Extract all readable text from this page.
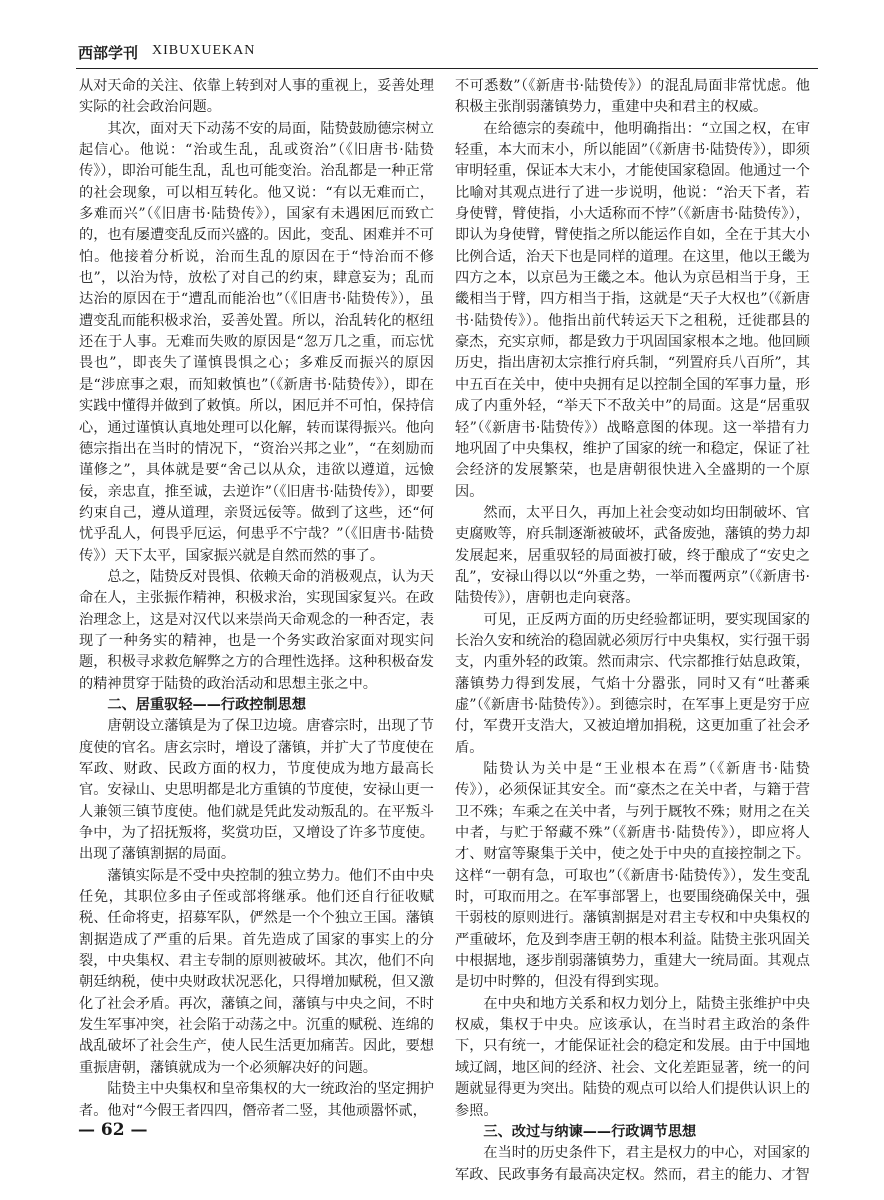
西部学刊 XIBUXUEKAN

从对天命的关注、依靠上转到对人事的重视上，妥善处理实际的社会政治问题。

其次，面对天下动荡不安的局面，陆贽鼓励德宗树立起信心。他说：“治或生乱，乱或资治”（《旧唐书·陆贽传》），即治可能生乱，乱也可能变治。治乱都是一种正常的社会现象，可以相互转化。他又说：“有以无难而亡，多难而兴”（《旧唐书·陆贽传》），国家有未遇困厄而致亡的，也有屡遭变乱反而兴盛的。因此，变乱、困难并不可怕。他接着分析说，治而生乱的原因在于“恃治而不修也”，以治为恃，放松了对自己的约束，肆意妄为；乱而达治的原因在于“遭乱而能治也”（《旧唐书·陆贽传》），虽遭变乱而能积极求治，妥善处置。所以，治乱转化的枢纽还在于人事。无难而失败的原因是“忽万几之重，而忘忧畏也”，即丧失了谨慎畏惧之心；多难反而振兴的原因是“涉庶事之艰，而知敕慎也”（《新唐书·陆贽传》），即在实践中懂得并做到了敕慎。所以，困厄并不可怕，保持信心，通过谨慎认真地处理可以化解，转而谋得振兴。他向德宗指出在当时的情况下，“资治兴邦之业”，“在刻励而谨修之”，具体就是要“舍己以从众，违欲以遵道，远憸佞，亲忠直，推至诚，去逆诈”（《旧唐书·陆贽传》），即要约束自己，遵从道理，亲贤远佞等。做到了这些，还“何忧乎乱人，何畏乎厄运，何患乎不宁哉？”（《旧唐书·陆贽传》）天下太平，国家振兴就是自然而然的事了。

总之，陆贽反对畏惧、依赖天命的消极观点，认为天命在人，主张振作精神，积极求治，实现国家复兴。在政治理念上，这是对汉代以来崇尚天命观念的一种否定，表现了一种务实的精神，也是一个务实政治家面对现实问题，积极寻求救危解弊之方的合理性选择。这种积极奋发的精神贯穿于陆贽的政治活动和思想主张之中。

二、居重驭轻——行政控制思想

唐朝设立藩镇是为了保卫边境。唐睿宗时，出现了节度使的官名。唐玄宗时，增设了藩镇，并扩大了节度使在军政、财政、民政方面的权力，节度使成为地方最高长官。安禄山、史思明都是北方重镇的节度使，安禄山更一人兼领三镇节度使。他们就是凭此发动叛乱的。在平叛斗争中，为了招抚叛将，奖赏功臣，又增设了许多节度使。出现了藩镇割据的局面。

藩镇实际是不受中央控制的独立势力。他们不由中央任免，其职位多由子侄或部将继承。他们还自行征收赋税、任命将吏，招募军队，俨然是一个个独立王国。藩镇割据造成了严重的后果。首先造成了国家的事实上的分裂，中央集权、君主专制的原则被破坏。其次，他们不向朝廷纳税，使中央财政状况恶化，只得增加赋税，但又激化了社会矛盾。再次，藩镇之间，藩镇与中央之间，不时发生军事冲突，社会陷于动荡之中。沉重的赋税、连绵的战乱破坏了社会生产，使人民生活更加痛苦。因此，要想重振唐朝，藩镇就成为一个必须解决好的问题。

陆贽主中央集权和皇帝集权的大一统政治的坚定拥护者。他对“今假王者四四，僭帝者二竖，其他顽嚣怀贰，

不可悉数”（《新唐书·陆贽传》）的混乱局面非常忧虑。他积极主张削弱藩镇势力，重建中央和君主的权威。

在给德宗的奏疏中，他明确指出：“立国之权，在审轻重，本大而末小，所以能固”（《新唐书·陆贽传》），即须审明轻重，保证本大末小，才能使国家稳固。他通过一个比喻对其观点进行了进一步说明，他说：“治天下者，若身使臂，臂使指，小大适称而不悖”（《新唐书·陆贽传》），即认为身使臂，臂使指之所以能运作自如，全在于其大小比例合适，治天下也是同样的道理。在这里，他以王畿为四方之本，以京邑为王畿之本。他认为京邑相当于身，王畿相当于臂，四方相当于指，这就是“天子大权也”（《新唐书·陆贽传》）。他指出前代转运天下之租税，迁徙郡县的豪杰，充实京师，都是致力于巩固国家根本之地。他回顾历史，指出唐初太宗推行府兵制，“列置府兵八百所”，其中五百在关中，使中央拥有足以控制全国的军事力量，形成了内重外轻，“举天下不敌关中”的局面。这是“居重驭轻”（《新唐书·陆贽传》）战略意图的体现。这一举措有力地巩固了中央集权，维护了国家的统一和稳定，保证了社会经济的发展繁荣，也是唐朝很快进入全盛期的一个原因。

然而，太平日久，再加上社会变动如均田制破坏、官吏腐败等，府兵制逐渐被破坏，武备废弛，藩镇的势力却发展起来，居重驭轻的局面被打破，终于酿成了“安史之乱”，安禄山得以以“外重之势，一举而覆两京”（《新唐书·陆贽传》），唐朝也走向衰落。

可见，正反两方面的历史经验都证明，要实现国家的长治久安和统治的稳固就必须厉行中央集权，实行强干弱支，内重外轻的政策。然而肃宗、代宗都推行姑息政策，藩镇势力得到发展，气焰十分嚣张，同时又有“吐蕃乘虚”（《新唐书·陆贽传》）。到德宗时，在军事上更是穷于应付，军费开支浩大，又被迫增加捐税，这更加重了社会矛盾。

陆贽认为关中是“王业根本在焉”（《新唐书·陆贽传》），必须保证其安全。而“豪杰之在关中者，与籍于营卫不殊；车乘之在关中者，与列于厩牧不殊；财用之在关中者，与贮于帑藏不殊”（《新唐书·陆贽传》），即应将人才、财富等聚集于关中，使之处于中央的直接控制之下。这样“一朝有急，可取也”（《新唐书·陆贽传》），发生变乱时，可取而用之。在军事部署上，也要围绕确保关中，强干弱枝的原则进行。藩镇割据是对君主专权和中央集权的严重破坏，危及到李唐王朝的根本利益。陆贽主张巩固关中根据地，逐步削弱藩镇势力，重建大一统局面。其观点是切中时弊的，但没有得到实现。

在中央和地方关系和权力划分上，陆贽主张维护中央权威，集权于中央。应该承认，在当时君主政治的条件下，只有统一，才能保证社会的稳定和发展。由于中国地域辽阔，地区间的经济、社会、文化差距显著，统一的问题就显得更为突出。陆贽的观点可以给人们提供认识上的参照。

三、改过与纳谏——行政调节思想

在当时的历史条件下，君主是权力的中心，对国家的军政、民政事务有最高决定权。然而，君主的能力、才智

— 62 —
